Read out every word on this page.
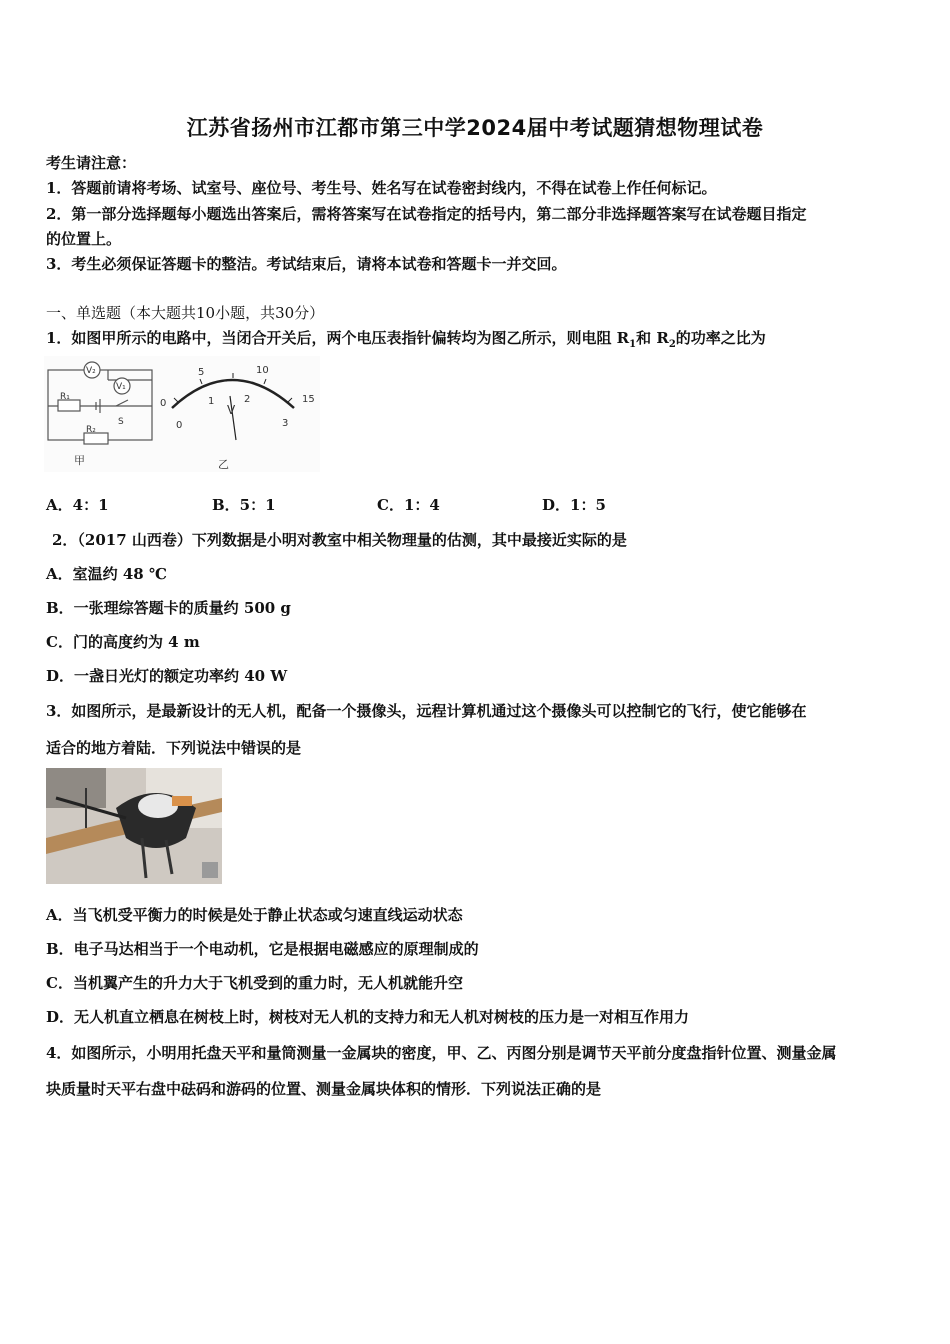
江苏省扬州市江都市第三中学2024届中考试题猜想物理试卷
考生请注意：
1．答题前请将考场、试室号、座位号、考生号、姓名写在试卷密封线内，不得在试卷上作任何标记。
2．第一部分选择题每小题选出答案后，需将答案写在试卷指定的括号内，第二部分非选择题答案写在试卷题目指定
的位置上。
3．考生必须保证答题卡的整洁。考试结束后，请将本试卷和答题卡一并交回。
一、单选题（本大题共10小题，共30分）
1．如图甲所示的电路中，当闭合开关后，两个电压表指针偏转均为图乙所示，则电阻 $R_1$和 $R_2$的功率之比为
V₂
V₁
R₁
S
R₂
甲
0
5	10
15
0
1	2
3
V
乙
A．4：1	B．5：1	C．1：4	D．1：5
2．（2017 山西卷）下列数据是小明对教室中相关物理量的估测，其中最接近实际的是
A．室温约 48 ℃
B．一张理综答题卡的质量约 500 g
C．门的高度约为 4 m
D．一盏日光灯的额定功率约 40 W
3．如图所示，是最新设计的无人机，配备一个摄像头，远程计算机通过这个摄像头可以控制它的飞行，使它能够在
适合的地方着陆．下列说法中错误的是
A．当飞机受平衡力的时候是处于静止状态或匀速直线运动状态
B．电子马达相当于一个电动机，它是根据电磁感应的原理制成的
C．当机翼产生的升力大于飞机受到的重力时，无人机就能升空
D．无人机直立栖息在树枝上时，树枝对无人机的支持力和无人机对树枝的压力是一对相互作用力
4．如图所示，小明用托盘天平和量筒测量一金属块的密度，甲、乙、丙图分别是调节天平前分度盘指针位置、测量金属
块质量时天平右盘中砝码和游码的位置、测量金属块体积的情形．下列说法正确的是
